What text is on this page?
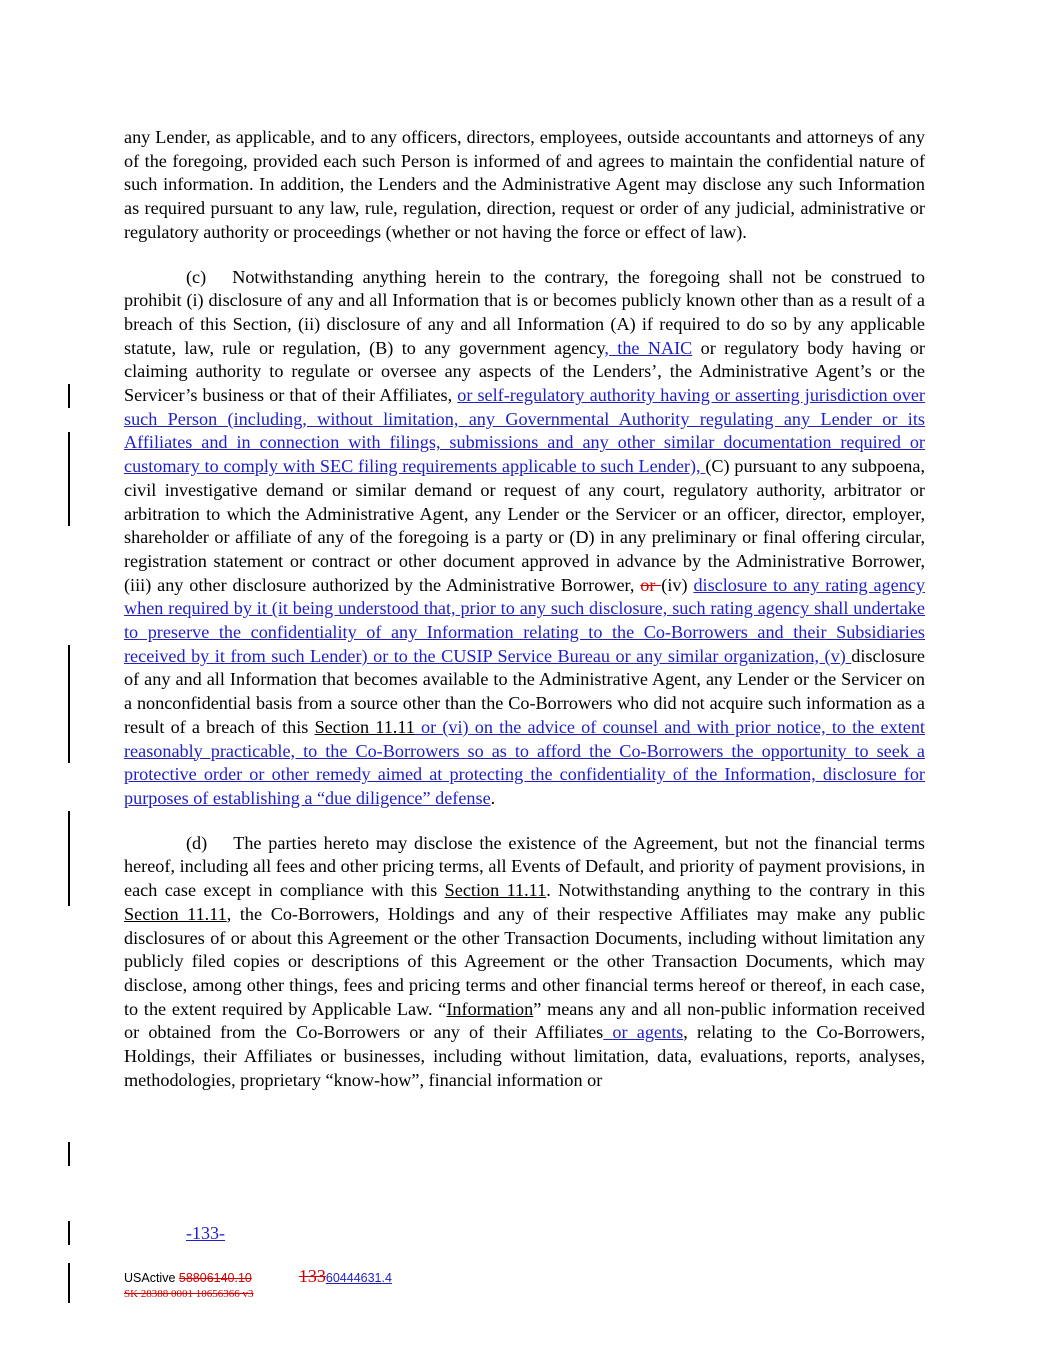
any Lender, as applicable, and to any officers, directors, employees, outside accountants and attorneys of any of the foregoing, provided each such Person is informed of and agrees to maintain the confidential nature of such information. In addition, the Lenders and the Administrative Agent may disclose any such Information as required pursuant to any law, rule, regulation, direction, request or order of any judicial, administrative or regulatory authority or proceedings (whether or not having the force or effect of law).

(c) Notwithstanding anything herein to the contrary, the foregoing shall not be construed to prohibit (i) disclosure of any and all Information that is or becomes publicly known other than as a result of a breach of this Section, (ii) disclosure of any and all Information (A) if required to do so by any applicable statute, law, rule or regulation, (B) to any government agency, the NAIC or regulatory body having or claiming authority to regulate or oversee any aspects of the Lenders’, the Administrative Agent’s or the Servicer’s business or that of their Affiliates, or self-regulatory authority having or asserting jurisdiction over such Person (including, without limitation, any Governmental Authority regulating any Lender or its Affiliates and in connection with filings, submissions and any other similar documentation required or customary to comply with SEC filing requirements applicable to such Lender), (C) pursuant to any subpoena, civil investigative demand or similar demand or request of any court, regulatory authority, arbitrator or arbitration to which the Administrative Agent, any Lender or the Servicer or an officer, director, employer, shareholder or affiliate of any of the foregoing is a party or (D) in any preliminary or final offering circular, registration statement or contract or other document approved in advance by the Administrative Borrower, (iii) any other disclosure authorized by the Administrative Borrower, or (iv) disclosure to any rating agency when required by it (it being understood that, prior to any such disclosure, such rating agency shall undertake to preserve the confidentiality of any Information relating to the Co-Borrowers and their Subsidiaries received by it from such Lender) or to the CUSIP Service Bureau or any similar organization, (v) disclosure of any and all Information that becomes available to the Administrative Agent, any Lender or the Servicer on a nonconfidential basis from a source other than the Co-Borrowers who did not acquire such information as a result of a breach of this Section 11.11 or (vi) on the advice of counsel and with prior notice, to the extent reasonably practicable, to the Co-Borrowers so as to afford the Co-Borrowers the opportunity to seek a protective order or other remedy aimed at protecting the confidentiality of the Information, disclosure for purposes of establishing a “due diligence” defense.

(d) The parties hereto may disclose the existence of the Agreement, but not the financial terms hereof, including all fees and other pricing terms, all Events of Default, and priority of payment provisions, in each case except in compliance with this Section 11.11. Notwithstanding anything to the contrary in this Section 11.11, the Co-Borrowers, Holdings and any of their respective Affiliates may make any public disclosures of or about this Agreement or the other Transaction Documents, including without limitation any publicly filed copies or descriptions of this Agreement or the other Transaction Documents, which may disclose, among other things, fees and pricing terms and other financial terms hereof or thereof, in each case, to the extent required by Applicable Law. “Information” means any and all non-public information received or obtained from the Co-Borrowers or any of their Affiliates or agents, relating to the Co-Borrowers, Holdings, their Affiliates or businesses, including without limitation, data, evaluations, reports, analyses, methodologies, proprietary “know-how”, financial information or

-133-
USActive 58806140.10	13360444631.4
SK 28388 0001 10656366 v3
